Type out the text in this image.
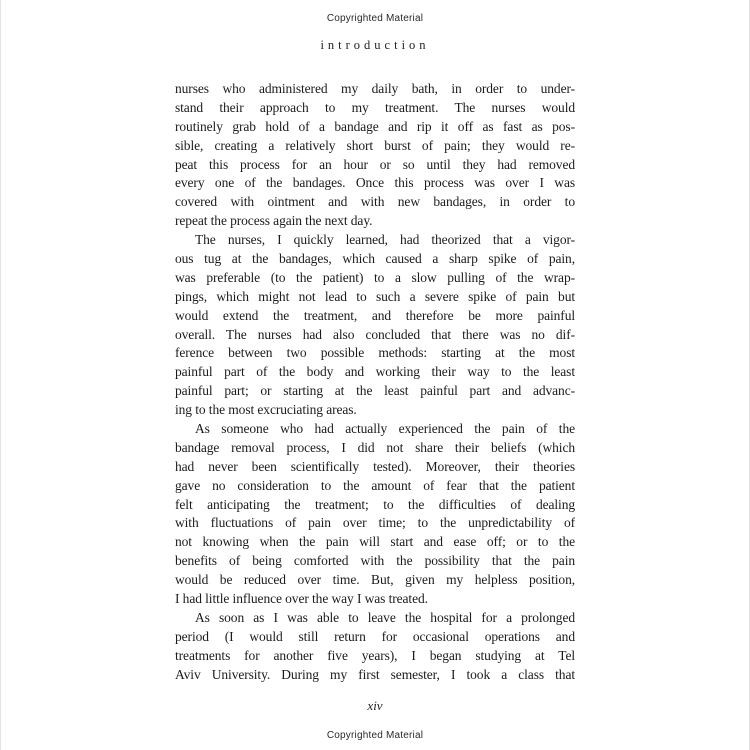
Copyrighted Material
introduction
nurses who administered my daily bath, in order to under-
stand their approach to my treatment. The nurses would
routinely grab hold of a bandage and rip it off as fast as pos-
sible, creating a relatively short burst of pain; they would re-
peat this process for an hour or so until they had removed
every one of the bandages. Once this process was over I was
covered with ointment and with new bandages, in order to
repeat the process again the next day.
The nurses, I quickly learned, had theorized that a vigor-
ous tug at the bandages, which caused a sharp spike of pain,
was preferable (to the patient) to a slow pulling of the wrap-
pings, which might not lead to such a severe spike of pain but
would extend the treatment, and therefore be more painful
overall. The nurses had also concluded that there was no dif-
ference between two possible methods: starting at the most
painful part of the body and working their way to the least
painful part; or starting at the least painful part and advanc-
ing to the most excruciating areas.
As someone who had actually experienced the pain of the
bandage removal process, I did not share their beliefs (which
had never been scientifically tested). Moreover, their theories
gave no consideration to the amount of fear that the patient
felt anticipating the treatment; to the difficulties of dealing
with fluctuations of pain over time; to the unpredictability of
not knowing when the pain will start and ease off; or to the
benefits of being comforted with the possibility that the pain
would be reduced over time. But, given my helpless position,
I had little influence over the way I was treated.
As soon as I was able to leave the hospital for a prolonged
period (I would still return for occasional operations and
treatments for another five years), I began studying at Tel
Aviv University. During my first semester, I took a class that
xiv
Copyrighted Material
